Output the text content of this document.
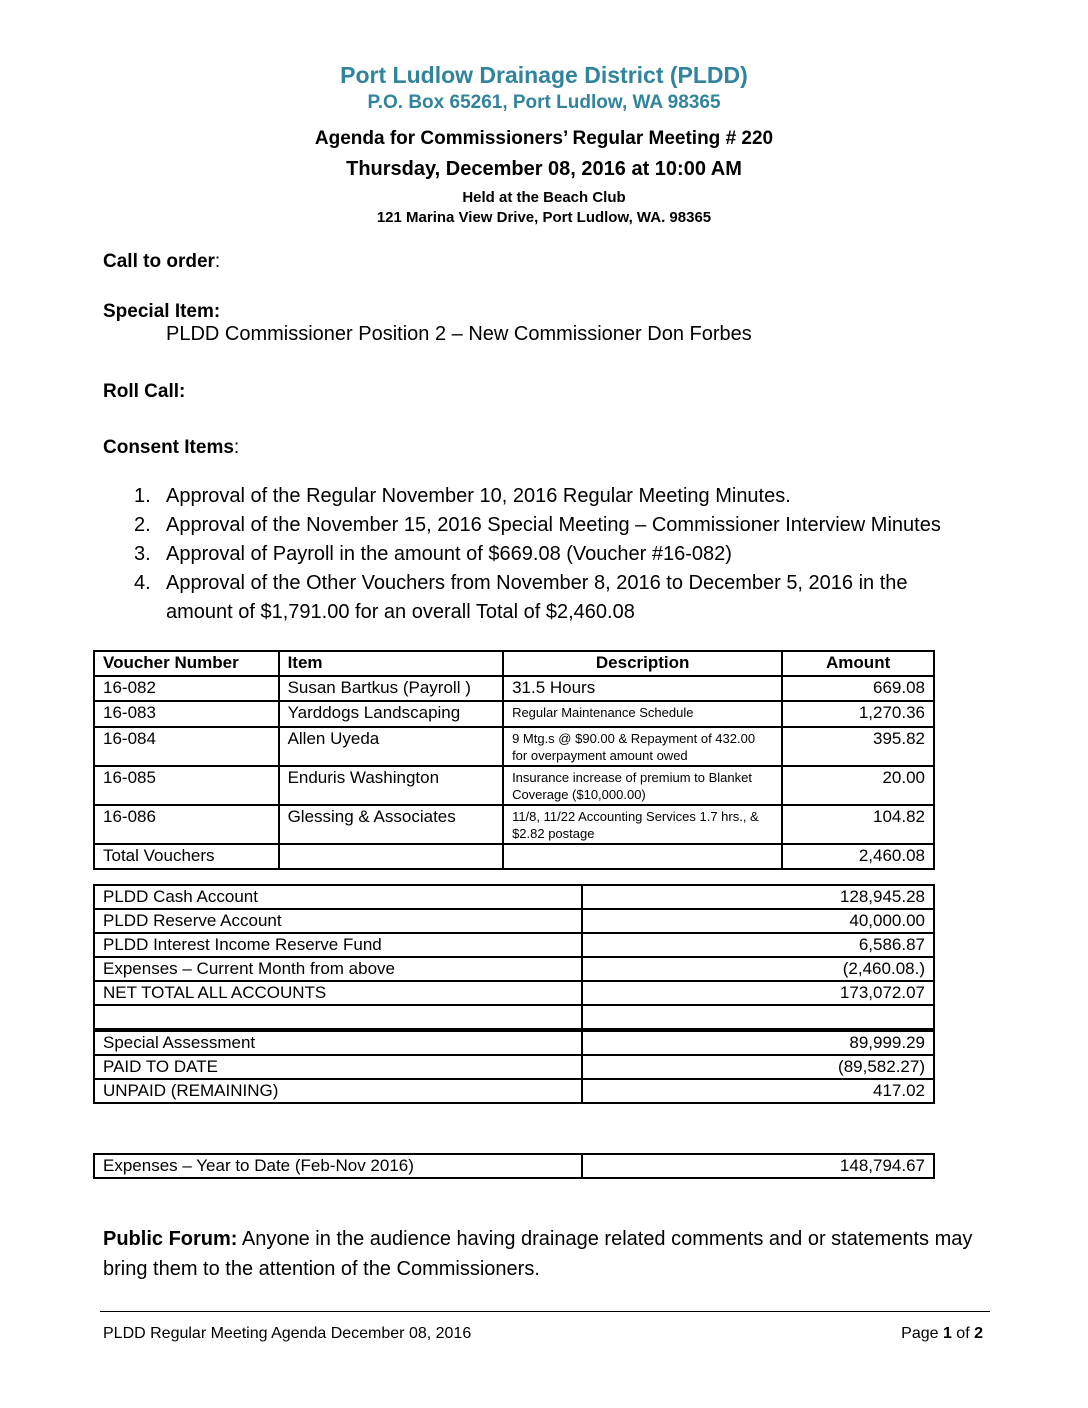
Port Ludlow Drainage District (PLDD)
P.O. Box 65261, Port Ludlow, WA 98365
Agenda for Commissioners’ Regular Meeting # 220
Thursday, December 08, 2016 at 10:00 AM
Held at the Beach Club
121 Marina View Drive, Port Ludlow, WA. 98365
Call to order:
Special Item:
PLDD Commissioner Position 2 – New Commissioner Don Forbes
Roll Call:
Consent Items:
1. Approval of the Regular November 10, 2016 Regular Meeting Minutes.
2. Approval of the November 15, 2016 Special Meeting – Commissioner Interview Minutes
3. Approval of Payroll in the amount of $669.08 (Voucher #16-082)
4. Approval of the Other Vouchers from November 8, 2016 to December 5, 2016 in the amount of $1,791.00 for an overall Total of $2,460.08
Voucher Number	Item	Description	Amount
16-082	Susan Bartkus (Payroll )	31.5 Hours	669.08
16-083	Yarddogs Landscaping	Regular Maintenance Schedule	1,270.36
16-084	Allen Uyeda	9 Mtg.s @ $90.00 & Repayment of 432.00 for overpayment amount owed	395.82
16-085	Enduris Washington	Insurance increase of premium to Blanket Coverage ($10,000.00)	20.00
16-086	Glessing & Associates	11/8, 11/22 Accounting Services 1.7 hrs., & $2.82 postage	104.82
Total Vouchers			2,460.08
PLDD Cash Account	128,945.28
PLDD Reserve Account	40,000.00
PLDD Interest Income Reserve Fund	6,586.87
Expenses – Current Month from above	(2,460.08.)
NET TOTAL ALL ACCOUNTS	173,072.07

Special Assessment	89,999.29
PAID TO DATE	(89,582.27)
UNPAID (REMAINING)	417.02
Expenses – Year to Date (Feb-Nov 2016)	148,794.67
Public Forum: Anyone in the audience having drainage related comments and or statements may bring them to the attention of the Commissioners.
PLDD Regular Meeting Agenda December 08, 2016	Page 1 of 2
